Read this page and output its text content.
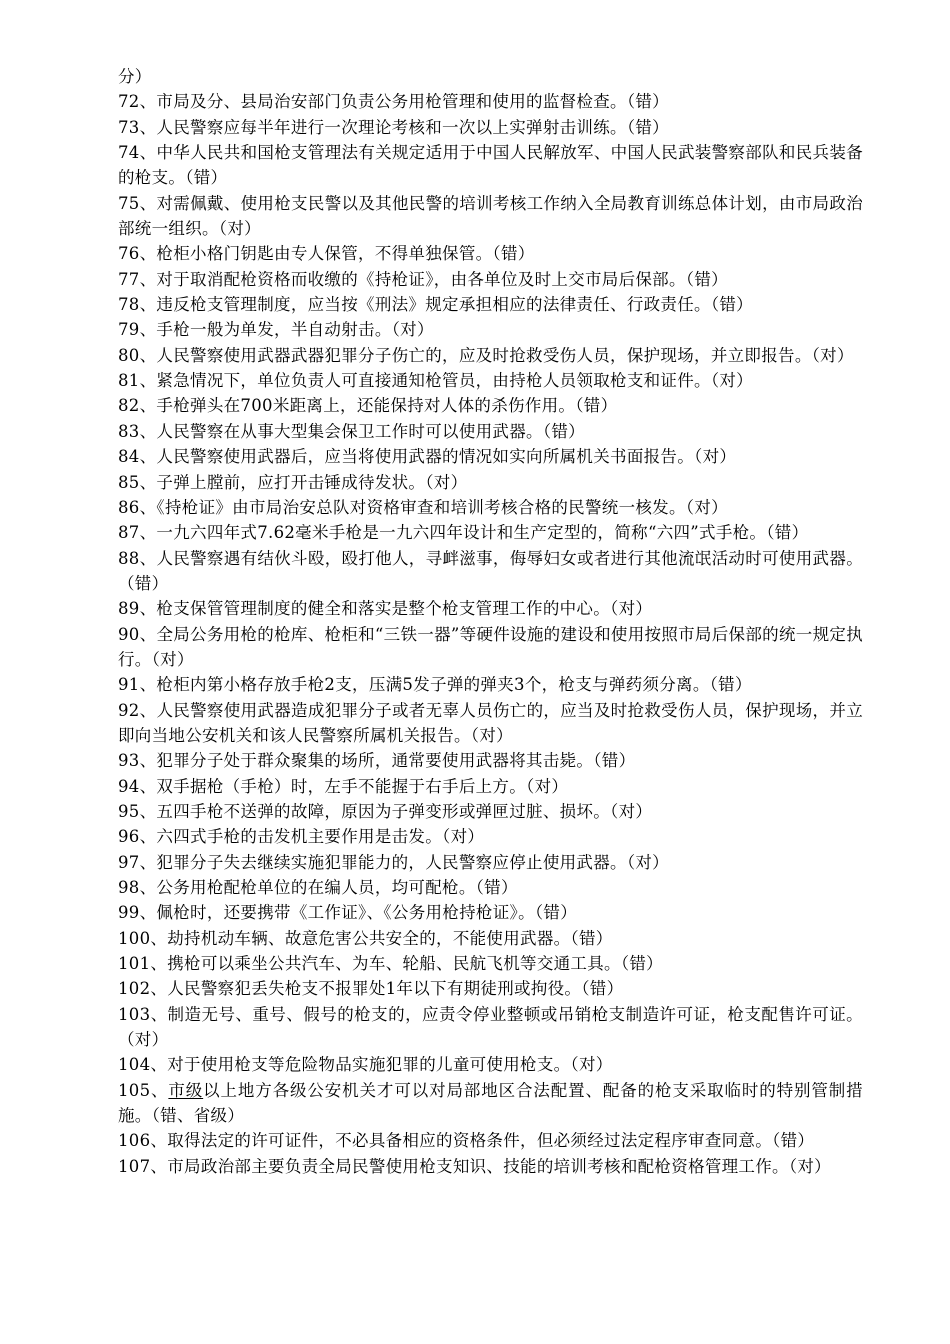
分）

72、市局及分、县局治安部门负责公务用枪管理和使用的监督检查。（错）

73、人民警察应每半年进行一次理论考核和一次以上实弹射击训练。（错）

74、中华人民共和国枪支管理法有关规定适用于中国人民解放军、中国人民武装警察部队和民兵装备的枪支。（错）

75、对需佩戴、使用枪支民警以及其他民警的培训考核工作纳入全局教育训练总体计划，由市局政治部统一组织。（对）

76、枪柜小格门钥匙由专人保管，不得单独保管。（错）

77、对于取消配枪资格而收缴的《持枪证》，由各单位及时上交市局后保部。（错）

78、违反枪支管理制度，应当按《刑法》规定承担相应的法律责任、行政责任。（错）

79、手枪一般为单发，半自动射击。（对）

80、人民警察使用武器武器犯罪分子伤亡的，应及时抢救受伤人员，保护现场，并立即报告。（对）

81、紧急情况下，单位负责人可直接通知枪管员，由持枪人员领取枪支和证件。（对）

82、手枪弹头在700米距离上，还能保持对人体的杀伤作用。（错）

83、人民警察在从事大型集会保卫工作时可以使用武器。（错）

84、人民警察使用武器后，应当将使用武器的情况如实向所属机关书面报告。（对）

85、子弹上膛前，应打开击锤成待发状。（对）

86、《持枪证》由市局治安总队对资格审查和培训考核合格的民警统一核发。（对）

87、一九六四年式7.62毫米手枪是一九六四年设计和生产定型的，简称“六四”式手枪。（错）

88、人民警察遇有结伙斗殴，殴打他人，寻衅滋事，侮辱妇女或者进行其他流氓活动时可使用武器。（错）

89、枪支保管管理制度的健全和落实是整个枪支管理工作的中心。（对）

90、全局公务用枪的枪库、枪柜和“三铁一器”等硬件设施的建设和使用按照市局后保部的统一规定执行。（对）

91、枪柜内第小格存放手枪2支，压满5发子弹的弹夹3个，枪支与弹药须分离。（错）

92、人民警察使用武器造成犯罪分子或者无辜人员伤亡的，应当及时抢救受伤人员，保护现场，并立即向当地公安机关和该人民警察所属机关报告。（对）

93、犯罪分子处于群众聚集的场所，通常要使用武器将其击毙。（错）

94、双手据枪（手枪）时，左手不能握于右手后上方。（对）

95、五四手枪不送弹的故障，原因为子弹变形或弹匣过脏、损坏。（对）

96、六四式手枪的击发机主要作用是击发。（对）

97、犯罪分子失去继续实施犯罪能力的，人民警察应停止使用武器。（对）

98、公务用枪配枪单位的在编人员，均可配枪。（错）

99、佩枪时，还要携带《工作证》、《公务用枪持枪证》。（错）

100、劫持机动车辆、故意危害公共安全的，不能使用武器。（错）

101、携枪可以乘坐公共汽车、为车、轮船、民航飞机等交通工具。（错）

102、人民警察犯丢失枪支不报罪处1年以下有期徒刑或拘役。（错）

103、制造无号、重号、假号的枪支的，应责令停业整顿或吊销枪支制造许可证，枪支配售许可证。（对）

104、对于使用枪支等危险物品实施犯罪的儿童可使用枪支。（对）

105、市级以上地方各级公安机关才可以对局部地区合法配置、配备的枪支采取临时的特别管制措施。（错、省级）

106、取得法定的许可证件，不必具备相应的资格条件，但必须经过法定程序审查同意。（错）

107、市局政治部主要负责全局民警使用枪支知识、技能的培训考核和配枪资格管理工作。（对）
